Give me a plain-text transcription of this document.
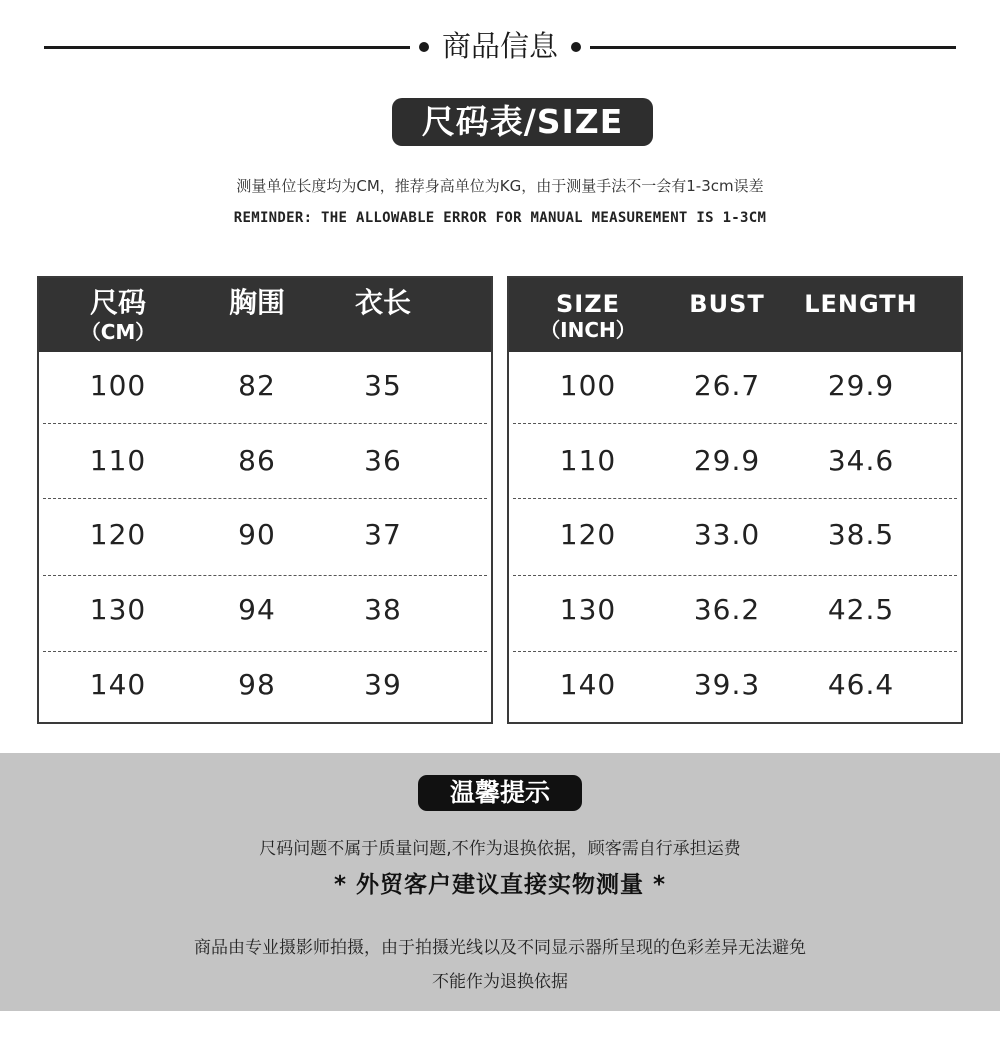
商品信息
尺码表/SIZE
测量单位长度均为CM，推荐身高单位为KG，由于测量手法不一会有1-3cm误差
REMINDER: THE ALLOWABLE ERROR FOR MANUAL MEASUREMENT IS 1-3CM
尺码
（CM）
胸围	衣长
100	82	35
110	86	36
120	90	37
130	94	38
140	98	39
SIZE
（INCH）
BUST	LENGTH
100	26.7	29.9
110	29.9	34.6
120	33.0	38.5
130	36.2	42.5
140	39.3	46.4
温馨提示
尺码问题不属于质量问题,不作为退换依据，顾客需自行承担运费
* 外贸客户建议直接实物测量 *
商品由专业摄影师拍摄，由于拍摄光线以及不同显示器所呈现的色彩差异无法避免
不能作为退换依据
